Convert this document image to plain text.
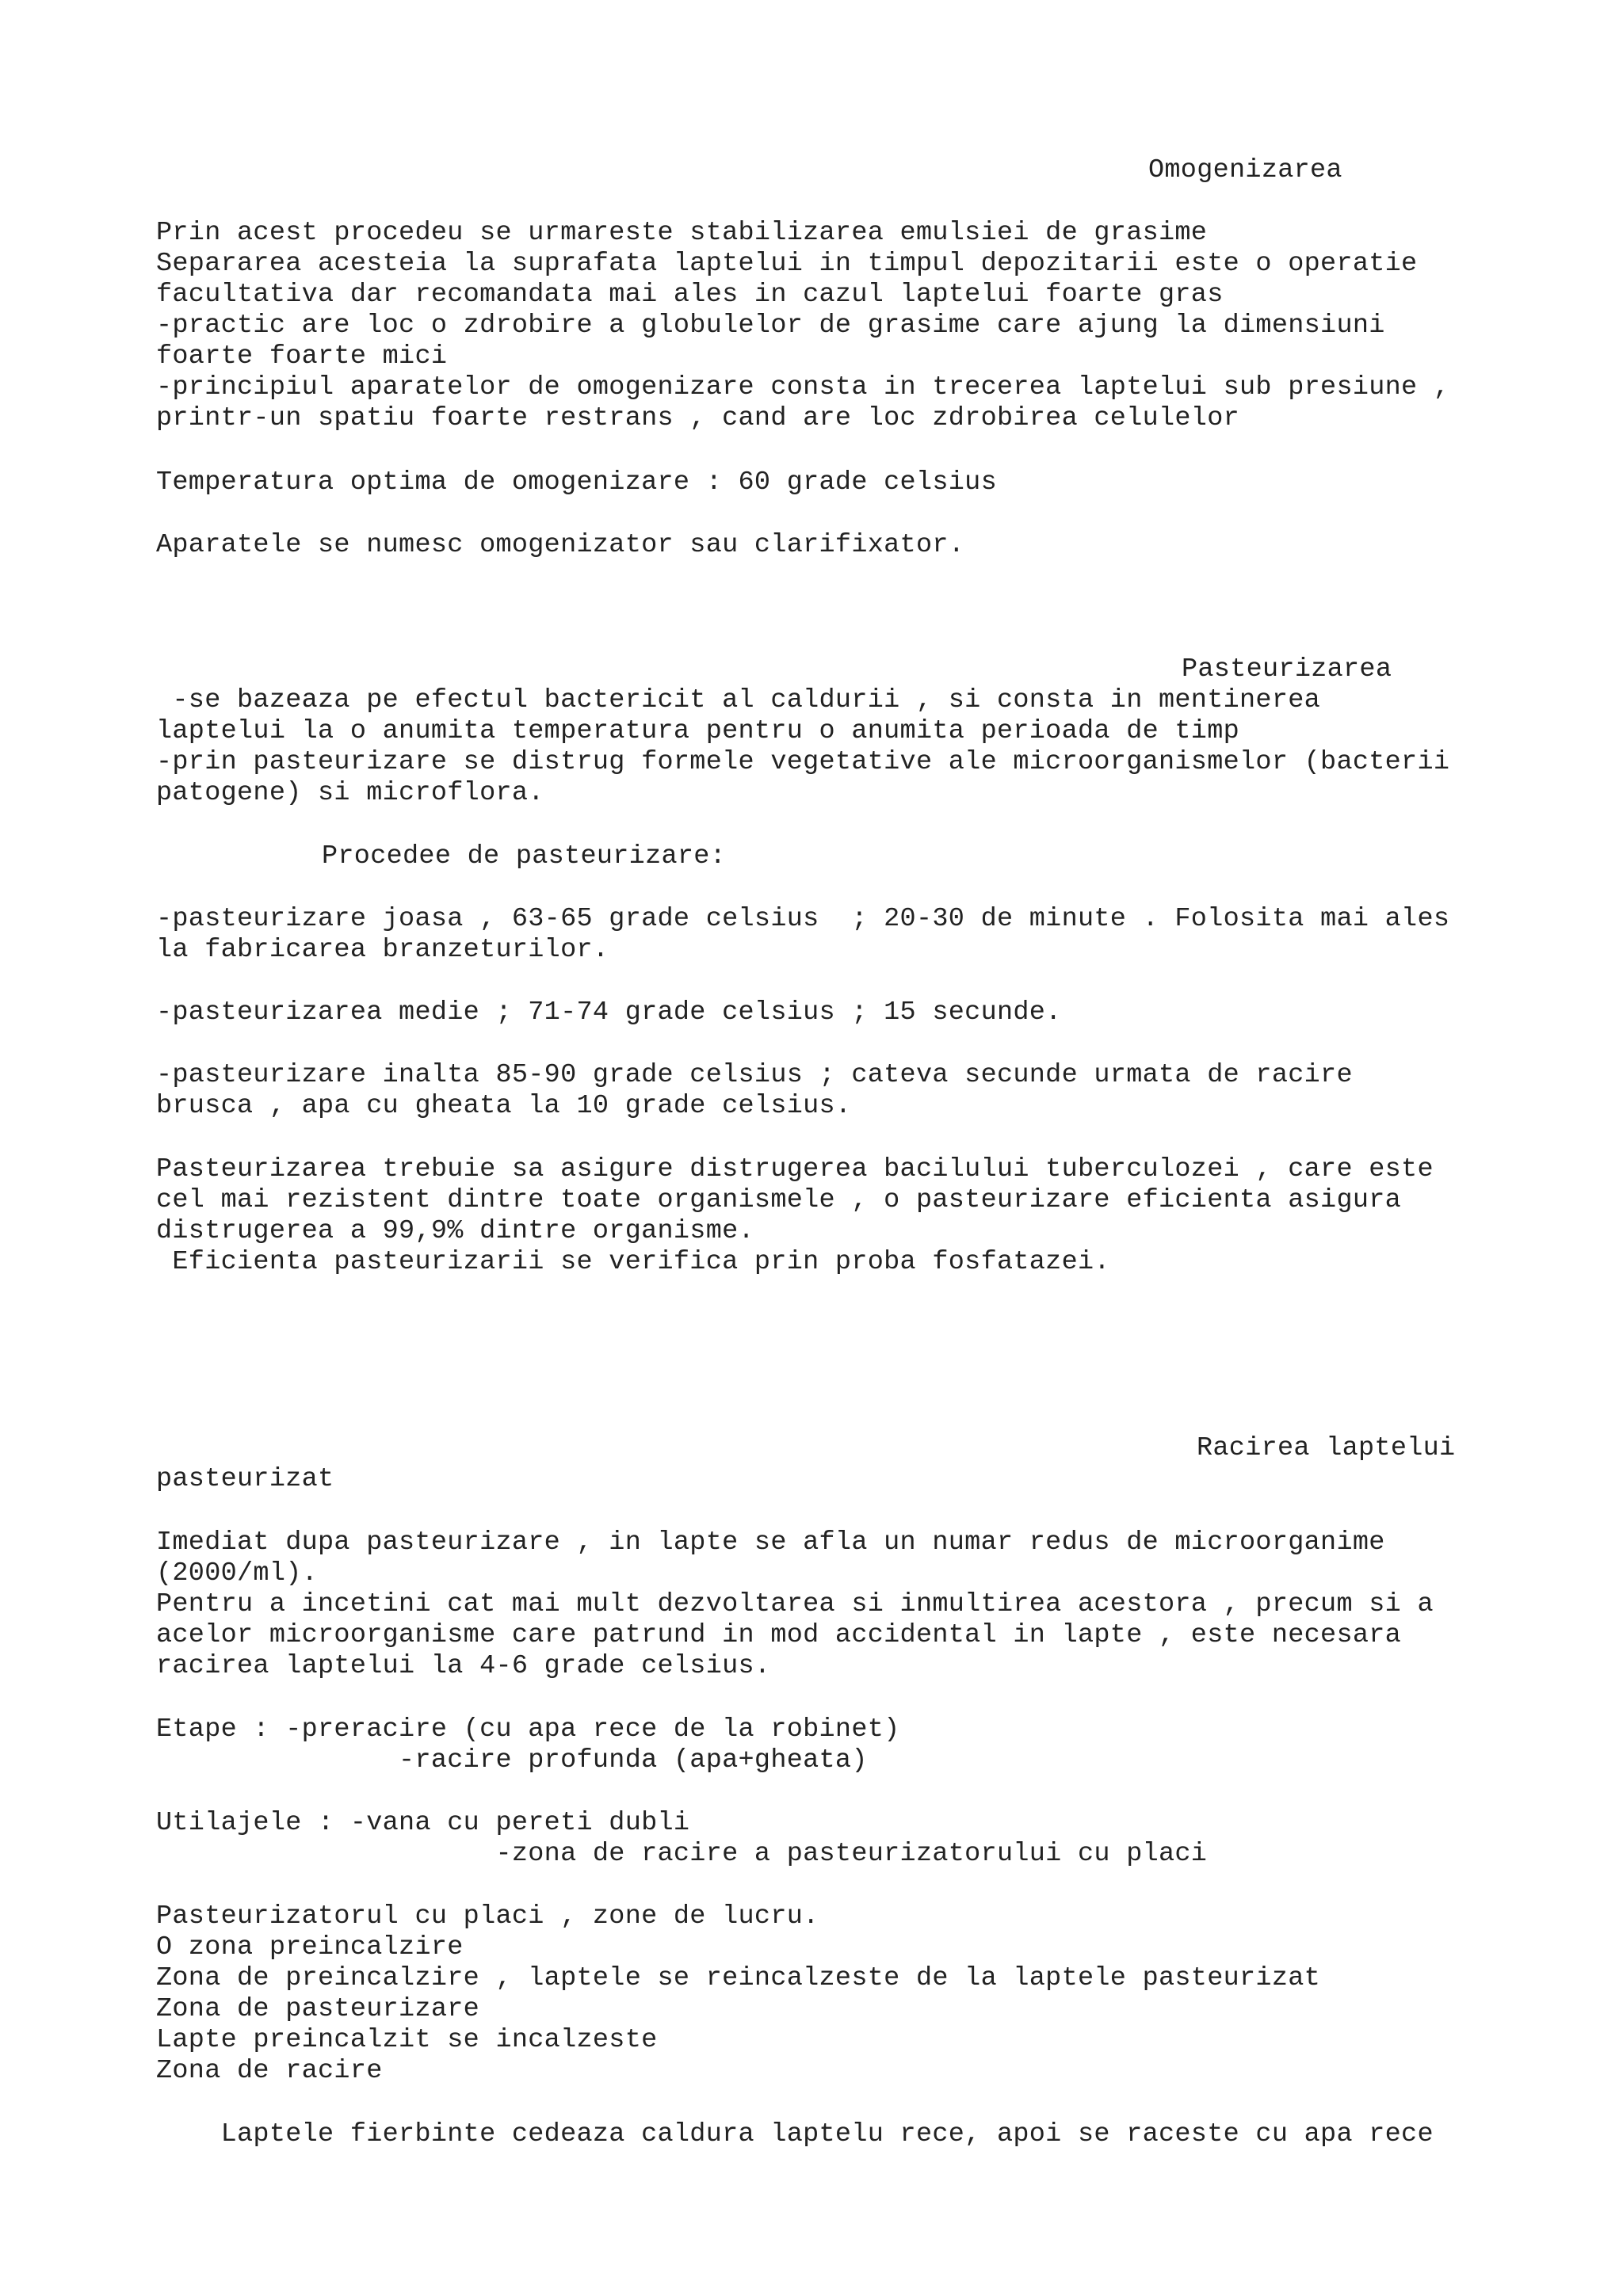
Omogenizarea

Prin acest procedeu se urmareste stabilizarea emulsiei de grasime

Separarea acesteia la suprafata laptelui in timpul depozitarii este o operatie

facultativa dar recomandata mai ales in cazul laptelui foarte gras

-practic are loc o zdrobire a globulelor de grasime care ajung la dimensiuni

foarte foarte mici

-principiul aparatelor de omogenizare consta in trecerea laptelui sub presiune ,

printr-un spatiu foarte restrans , cand are loc zdrobirea celulelor

Temperatura optima de omogenizare : 60 grade celsius

Aparatele se numesc omogenizator sau clarifixator.

Pasteurizarea

-se bazeaza pe efectul bactericit al caldurii , si consta in mentinerea

laptelui la o anumita temperatura pentru o anumita perioada de timp

-prin pasteurizare se distrug formele vegetative ale microorganismelor (bacterii

patogene) si microflora.

Procedee de pasteurizare:

-pasteurizare joasa , 63-65 grade celsius  ; 20-30 de minute . Folosita mai ales

la fabricarea branzeturilor.

-pasteurizarea medie ; 71-74 grade celsius ; 15 secunde.

-pasteurizare inalta 85-90 grade celsius ; cateva secunde urmata de racire

brusca , apa cu gheata la 10 grade celsius.

Pasteurizarea trebuie sa asigure distrugerea bacilului tuberculozei , care este

cel mai rezistent dintre toate organismele , o pasteurizare eficienta asigura

distrugerea a 99,9% dintre organisme.

Eficienta pasteurizarii se verifica prin proba fosfatazei.

Racirea laptelui

pasteurizat

Imediat dupa pasteurizare , in lapte se afla un numar redus de microorganime

(2000/ml).

Pentru a incetini cat mai mult dezvoltarea si inmultirea acestora , precum si a

acelor microorganisme care patrund in mod accidental in lapte , este necesara

racirea laptelui la 4-6 grade celsius.

Etape : -preracire (cu apa rece de la robinet)

-racire profunda (apa+gheata)

Utilajele : -vana cu pereti dubli

-zona de racire a pasteurizatorului cu placi

Pasteurizatorul cu placi , zone de lucru.

O zona preincalzire

Zona de preincalzire , laptele se reincalzeste de la laptele pasteurizat

Zona de pasteurizare

Lapte preincalzit se incalzeste

Zona de racire

Laptele fierbinte cedeaza caldura laptelu rece, apoi se raceste cu apa rece
